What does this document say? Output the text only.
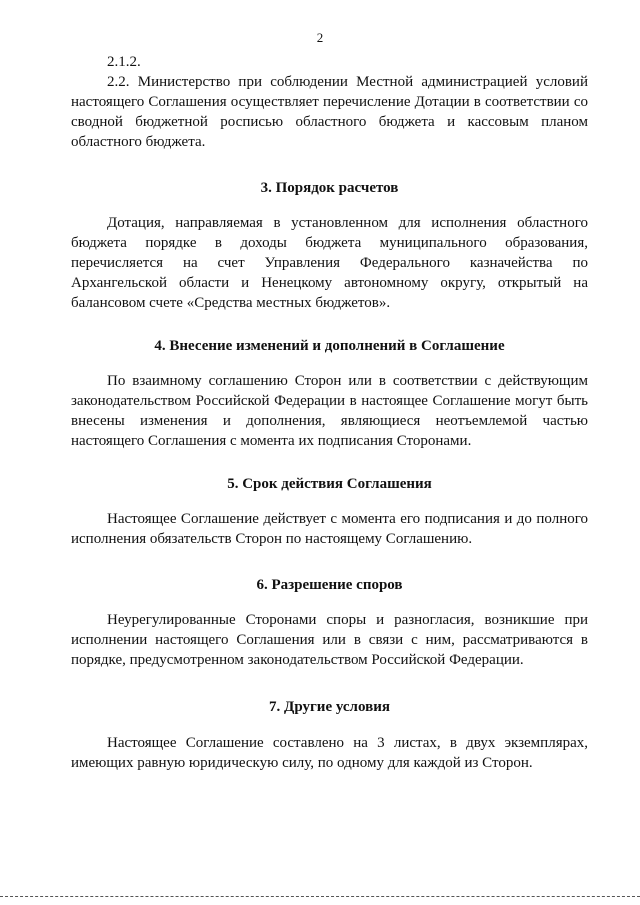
2
2.1.2.
2.2. Министерство при соблюдении Местной администрацией условий настоящего Соглашения осуществляет перечисление Дотации в соответствии со сводной бюджетной росписью областного бюджета и кассовым планом областного бюджета.
3. Порядок расчетов
Дотация, направляемая в установленном для исполнения областного бюджета порядке в доходы бюджета муниципального образования, перечисляется на счет Управления Федерального казначейства по Архангельской области и Ненецкому автономному округу, открытый на балансовом счете «Средства местных бюджетов».
4. Внесение изменений и дополнений в Соглашение
По взаимному соглашению Сторон или в соответствии с действующим законодательством Российской Федерации в настоящее Соглашение могут быть внесены изменения и дополнения, являющиеся неотъемлемой частью настоящего Соглашения с момента их подписания Сторонами.
5. Срок действия Соглашения
Настоящее Соглашение действует с момента его подписания и до полного исполнения обязательств Сторон по настоящему Соглашению.
6. Разрешение споров
Неурегулированные Сторонами споры и разногласия, возникшие при исполнении настоящего Соглашения или в связи с ним, рассматриваются в порядке, предусмотренном законодательством Российской Федерации.
7. Другие условия
Настоящее Соглашение составлено на 3 листах, в двух экземплярах, имеющих равную юридическую силу, по одному для каждой из Сторон.
